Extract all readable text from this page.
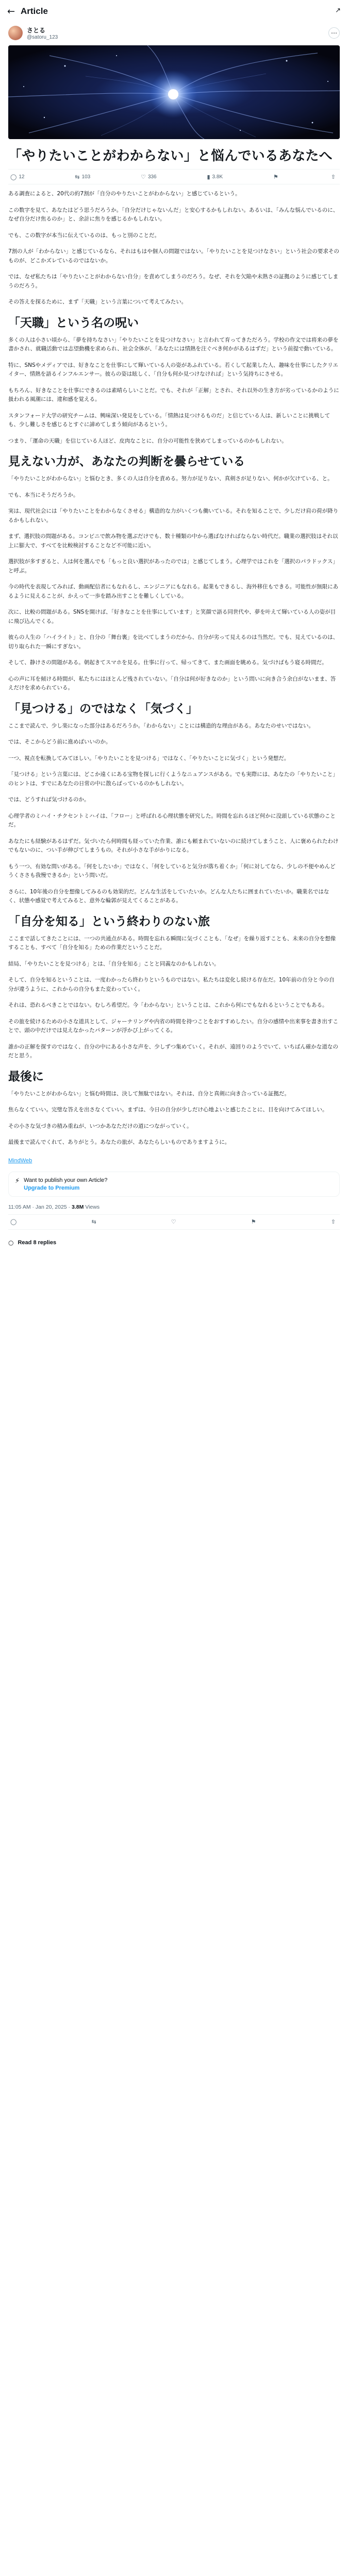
← Article	↗
さとる
@satoru_123
⋯
「やりたいことがわからない」と悩んでいるあなたへ
◯ 12	⇆ 103	♡ 336	▮ 3.8K	⚑	⇧

ある調査によると、20代の約7割が「自分のやりたいことがわからない」と感じているという。

この数字を見て、あなたはどう思うだろうか。「自分だけじゃないんだ」と安心するかもしれない。あるいは、「みんな悩んでいるのに、なぜ自分だけ焦るのか」と、余計に焦りを感じるかもしれない。

でも、この数字が本当に伝えているのは、もっと別のことだ。

7割の人が「わからない」と感じているなら、それはもはや個人の問題ではない。「やりたいことを見つけなさい」という社会の要求そのものが、どこかズレているのではないか。

では、なぜ私たちは「やりたいことがわからない自分」を責めてしまうのだろう。なぜ、それを欠陥や未熟さの証拠のように感じてしまうのだろう。

その答えを探るために、まず「天職」という言葉について考えてみたい。

「天職」という名の呪い

多くの人は小さい頃から、「夢を持ちなさい」「やりたいことを見つけなさい」と言われて育ってきただろう。学校の作文では将来の夢を書かされ、就職活動では志望動機を求められ、社会全体が、「あなたには情熱を注ぐべき何かがあるはずだ」という前提で動いている。

特に、SNSやメディアでは、好きなことを仕事にして輝いている人の姿があふれている。若くして起業した人、趣味を仕事にしたクリエイター、情熱を語るインフルエンサー。彼らの姿は眩しく、「自分も何か見つけなければ」という気持ちにさせる。

もちろん、好きなことを仕事にできるのは素晴らしいことだ。でも、それが「正解」とされ、それ以外の生き方が劣っているかのように扱われる風潮には、違和感を覚える。

スタンフォード大学の研究チームは、興味深い発見をしている。「情熱は見つけるものだ」と信じている人は、新しいことに挑戦しても、少し難しさを感じるとすぐに諦めてしまう傾向があるという。

つまり、「運命の天職」を信じている人ほど、皮肉なことに、自分の可能性を狭めてしまっているのかもしれない。

見えない力が、あなたの判断を曇らせている

「やりたいことがわからない」と悩むとき、多くの人は自分を責める。努力が足りない、真剣さが足りない、何かが欠けている、と。

でも、本当にそうだろうか。

実は、現代社会には「やりたいことをわからなくさせる」構造的な力がいくつも働いている。それを知ることで、少しだけ肩の荷が降りるかもしれない。

まず、選択肢の問題がある。コンビニで飲み物を選ぶだけでも、数十種類の中から選ばなければならない時代だ。職業の選択肢はそれ以上に膨大で、すべてを比較検討することなど不可能に近い。

選択肢が多すぎると、人は何を選んでも「もっと良い選択があったのでは」と感じてしまう。心理学ではこれを「選択のパラドックス」と呼ぶ。

今の時代を表現してみれば、動画配信者にもなれるし、エンジニアにもなれる。起業もできるし、海外移住もできる。可能性が無限にあるように見えることが、かえって一歩を踏み出すことを難しくしている。

次に、比較の問題がある。SNSを開けば、「好きなことを仕事にしています」と笑顔で語る同世代や、夢を叶えて輝いている人の姿が目に飛び込んでくる。

彼らの人生の「ハイライト」と、自分の「舞台裏」を比べてしまうのだから、自分が劣って見えるのは当然だ。でも、見えているのは、切り取られた一瞬にすぎない。

そして、静けさの問題がある。朝起きてスマホを見る。仕事に行って、帰ってきて、また画面を眺める。気づけばもう寝る時間だ。

心の声に耳を傾ける時間が、私たちにはほとんど残されていない。「自分は何が好きなのか」という問いに向き合う余白がないまま、答えだけを求められている。

「見つける」のではなく「気づく」

ここまで読んで、少し楽になった部分はあるだろうか。「わからない」ことには構造的な理由がある。あなたのせいではない。

では、そこからどう前に進めばいいのか。

一つ、視点を転換してみてほしい。「やりたいことを見つける」ではなく、「やりたいことに気づく」という発想だ。

「見つける」という言葉には、どこか遠くにある宝物を探しに行くようなニュアンスがある。でも実際には、あなたの「やりたいこと」のヒントは、すでにあなたの日常の中に散らばっているのかもしれない。

では、どうすれば気づけるのか。

心理学者のミハイ・チクセントミハイは、「フロー」と呼ばれる心理状態を研究した。時間を忘れるほど何かに没頭している状態のことだ。

あなたにも経験があるはずだ。気づいたら何時間も経っていた作業、誰にも頼まれていないのに続けてしまうこと、人に褒められたわけでもないのに、つい手が伸びてしまうもの。それが小さな手がかりになる。

もう一つ、有効な問いがある。「何をしたいか」ではなく、「何をしていると気分が落ち着くか」「何に対してなら、少しの不便やめんどうくささも我慢できるか」という問いだ。

さらに、10年後の自分を想像してみるのも効果的だ。どんな生活をしていたいか。どんな人たちに囲まれていたいか。職業名ではなく、状態や感覚で考えてみると、意外な輪郭が見えてくることがある。

「自分を知る」という終わりのない旅

ここまで話してきたことには、一つの共通点がある。時間を忘れる瞬間に気づくことも、「なぜ」を繰り返すことも、未来の自分を想像することも、すべて「自分を知る」ための作業だということだ。

結局、「やりたいことを見つける」とは、「自分を知る」ことと同義なのかもしれない。

そして、自分を知るということは、一度わかったら終わりというものではない。私たちは変化し続ける存在だ。10年前の自分と今の自分が違うように、これからの自分もまた変わっていく。

それは、恐れるべきことではない。むしろ希望だ。今「わからない」ということは、これから何にでもなれるということでもある。

その旅を続けるための小さな道具として、ジャーナリングや内省の時間を持つことをおすすめしたい。自分の感情や出来事を書き出すことで、頭の中だけでは見えなかったパターンが浮かび上がってくる。

誰かの正解を探すのではなく、自分の中にある小さな声を、少しずつ集めていく。それが、遠回りのようでいて、いちばん確かな道なのだと思う。

最後に

「やりたいことがわからない」と悩む時間は、決して無駄ではない。それは、自分と真剣に向き合っている証拠だ。

焦らなくていい。完璧な答えを出さなくていい。まずは、今日の自分が少しだけ心地よいと感じたことに、目を向けてみてほしい。

その小さな気づきの積み重ねが、いつかあなただけの道につながっていく。

最後まで読んでくれて、ありがとう。あなたの旅が、あなたらしいものでありますように。

MindWeb
⚡ Want to publish your own Article?
Upgrade to Premium
11:05 AM · Jan 20, 2025 · 3.8M Views
◯	⇆	♡	⚑	⇧
○ Read 8 replies
